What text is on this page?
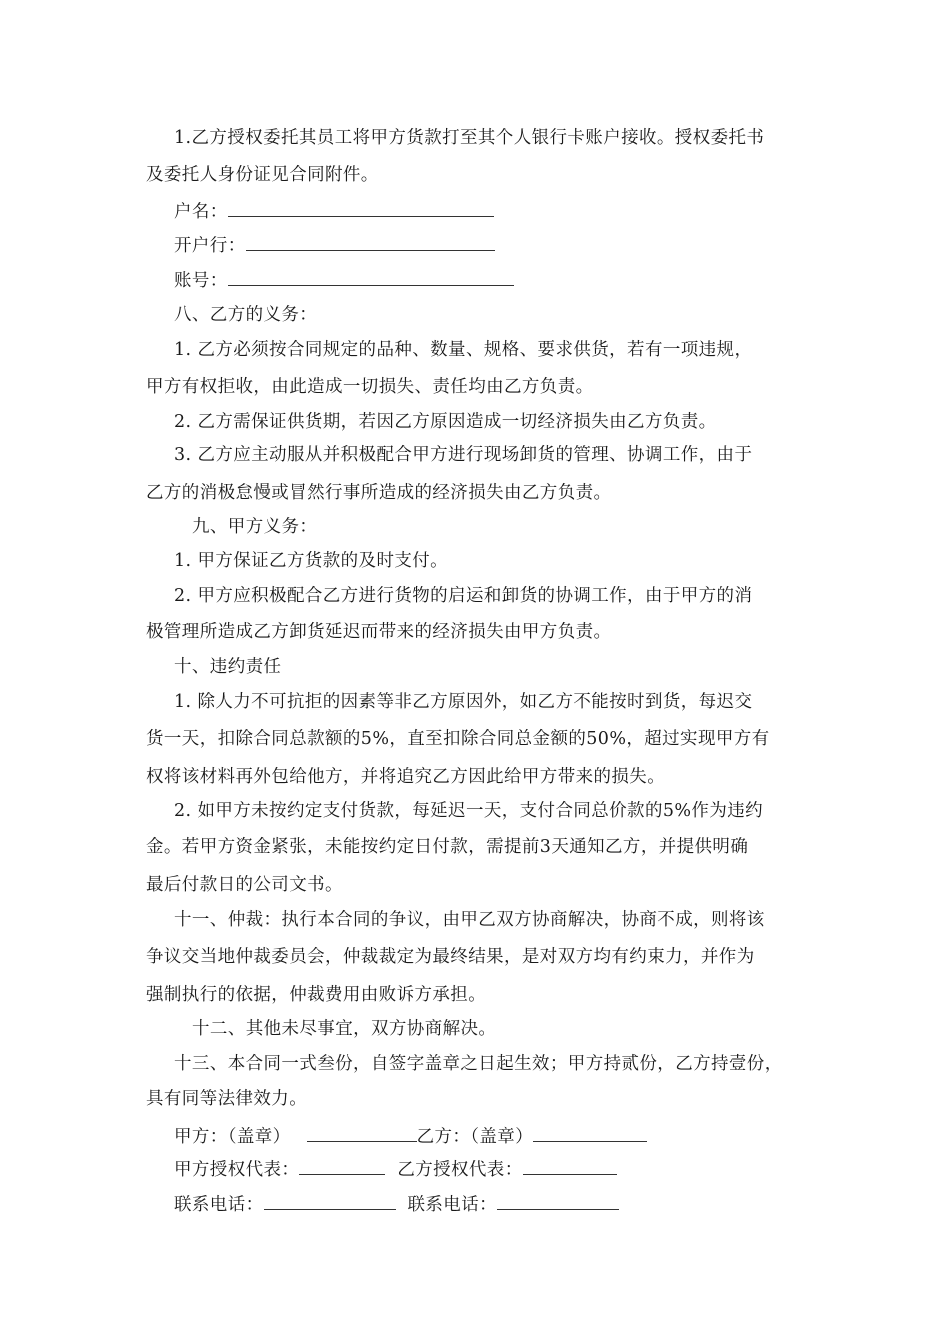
1.乙方授权委托其员工将甲方货款打至其个人银行卡账户接收。授权委托书
及委托人身份证见合同附件。
户名：
开户行：
账号：
八、乙方的义务：
1. 乙方必须按合同规定的品种、数量、规格、要求供货，若有一项违规，
甲方有权拒收，由此造成一切损失、责任均由乙方负责。
2. 乙方需保证供货期，若因乙方原因造成一切经济损失由乙方负责。
3. 乙方应主动服从并积极配合甲方进行现场卸货的管理、协调工作，由于
乙方的消极怠慢或冒然行事所造成的经济损失由乙方负责。
九、甲方义务：
1. 甲方保证乙方货款的及时支付。
2. 甲方应积极配合乙方进行货物的启运和卸货的协调工作，由于甲方的消
极管理所造成乙方卸货延迟而带来的经济损失由甲方负责。
十、违约责任
1. 除人力不可抗拒的因素等非乙方原因外，如乙方不能按时到货，每迟交
货一天，扣除合同总款额的5%，直至扣除合同总金额的50%，超过实现甲方有
权将该材料再外包给他方，并将追究乙方因此给甲方带来的损失。
2. 如甲方未按约定支付货款，每延迟一天，支付合同总价款的5%作为违约
金。若甲方资金紧张，未能按约定日付款，需提前3天通知乙方，并提供明确
最后付款日的公司文书。
十一、仲裁：执行本合同的争议，由甲乙双方协商解决，协商不成，则将该
争议交当地仲裁委员会，仲裁裁定为最终结果，是对双方均有约束力，并作为
强制执行的依据，仲裁费用由败诉方承担。
十二、其他未尽事宜，双方协商解决。
十三、本合同一式叁份，自签字盖章之日起生效；甲方持贰份，乙方持壹份，
具有同等法律效力。
甲方：（盖章）	乙方：（盖章）
甲方授权代表：	乙方授权代表：
联系电话：	联系电话：
